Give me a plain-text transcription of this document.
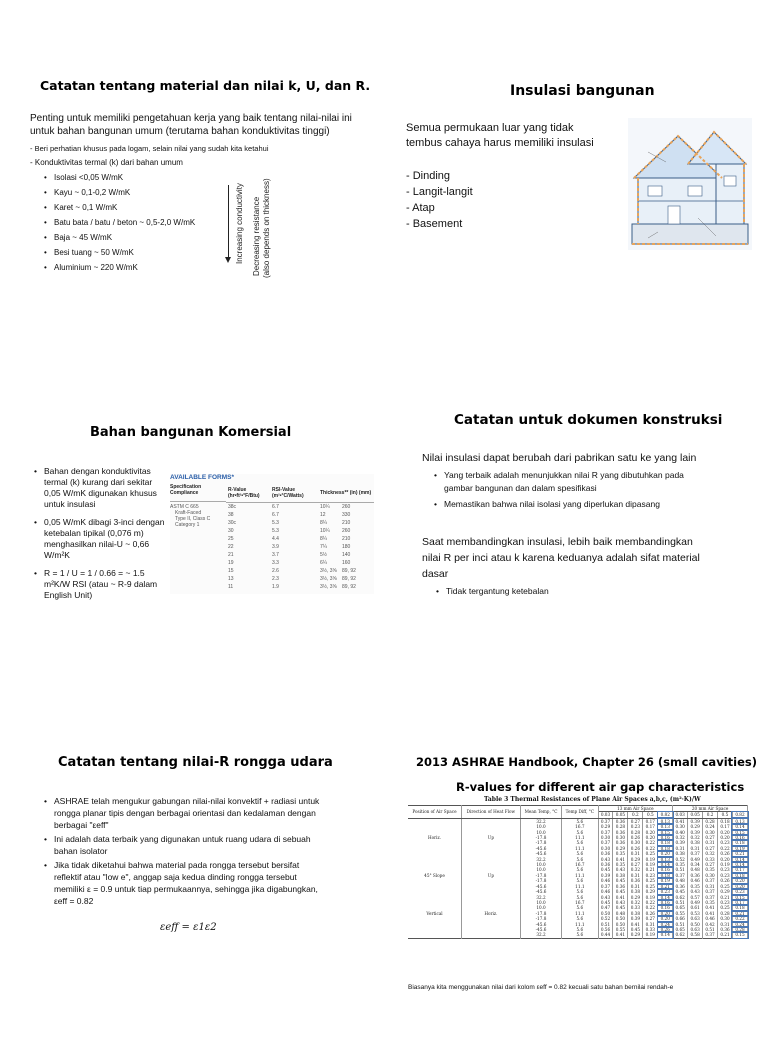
Catatan tentang material dan nilai k, U, dan R.
Penting untuk memiliki pengetahuan kerja yang baik tentang nilai-nilai ini untuk bahan bangunan umum (terutama bahan konduktivitas tinggi)
- Beri perhatian khusus pada logam, selain nilai yang sudah kita ketahui
- Konduktivitas termal (k) dari bahan umum
• Isolasi <0,05 W/mK
• Kayu ~ 0,1-0,2 W/mK
• Karet ~ 0,1 W/mK
• Batu bata / batu / beton ~ 0,5-2,0 W/mK
• Baja ~ 45 W/mK
• Besi tuang ~ 50 W/mK
• Aluminium ~ 220 W/mK
Increasing conductivity Decreasing resistance (also depends on thickness)
Insulasi bangunan
Semua permukaan luar yang tidak
tembus cahaya harus memiliki insulasi
- Dinding
- Langit-langit
- Atap
- Basement
Bahan bangunan Komersial
• Bahan dengan konduktivitas
termal (k) kurang dari sekitar
0,05 W/mK digunakan khusus
untuk insulasi
• 0,05 W/mK dibagi 3-inci dengan
ketebalan tipikal (0,076 m)
menghasilkan nilai-U ~ 0,66
W/m²K
• R = 1 / U = 1 / 0.66 = ~ 1.5
m²K/W RSI (atau ~ R-9 dalam
English Unit)
AVAILABLE FORMS*
Specification Compliance
ASTM C 665
Kraft-Faced
Type II, Class C
Category 1
R-Value (hr•ft²•°F/Btu)	RSI-Value (m²•°C/Watts)	Thickness** (in) (mm)
38c	6.7	10¼ 260
38	6.7	12 330
30c	5.3	8¼ 210
30	5.3	10¼ 260
25	4.4	8¼ 210
22	3.9	7¼ 180
21	3.7	5½ 140
19	3.3	6¼ 160
15	2.6	3½, 3⅝ 89, 92
13	2.3	3½, 3⅝ 89, 92
11	1.9	3½, 3⅝ 89, 92
Catatan untuk dokumen konstruksi
Nilai insulasi dapat berubah dari pabrikan satu ke yang lain
• Yang terbaik adalah menunjukkan nilai R yang dibutuhkan pada
gambar bangunan dan dalam spesifikasi
• Memastikan bahwa nilai isolasi yang diperlukan dipasang
Saat membandingkan insulasi, lebih baik membandingkan
nilai R per inci atau k karena keduanya adalah sifat material
dasar
• Tidak tergantung ketebalan
Catatan tentang nilai-R rongga udara
• ASHRAE telah mengukur gabungan nilai-nilai konvektif + radiasi untuk
rongga planar tipis dengan berbagai orientasi dan kedalaman dengan
berbagai "εeff"
• Ini adalah data terbaik yang digunakan untuk ruang udara di sebuah
bahan isolator
• Jika tidak diketahui bahwa material pada rongga tersebut bersifat
reflektif atau "low e", anggap saja kedua dinding rongga tersebut
memiliki ε = 0.9 untuk tiap permukaannya, sehingga jika digabungkan,
εeff = 0.82
εeff = ε1ε2
2013 ASHRAE Handbook, Chapter 26 (small cavities)
R-values for different air gap characteristics
Table 3 Thermal Resistances of Plane Air Spaces a,b,c, (m²·K)/W
Position of Air Space	Direction of Heat Flow	Mean Temp, °C	Temp Diff, °C	13 mm Air Space					20 mm Air Space				
				0.03	0.05	0.2	0.5	0.82	0.03	0.05	0.2	0.5	0.82
		32.2	5.6	0.37	0.36	0.27	0.17	0.13	0.41	0.39	0.28	0.18	0.13
		10.0	16.7	0.29	0.28	0.23	0.17	0.13	0.30	0.29	0.24	0.17	0.14
		10.0	5.6	0.37	0.36	0.28	0.20	0.15	0.40	0.39	0.30	0.20	0.15
Horiz.	Up	-17.8	11.1	0.30	0.30	0.26	0.20	0.16	0.32	0.32	0.27	0.20	0.16
		-17.8	5.6	0.37	0.36	0.30	0.22	0.18	0.39	0.38	0.31	0.23	0.18
		-45.6	11.1	0.30	0.29	0.26	0.22	0.18	0.31	0.31	0.27	0.22	0.19
		-45.6	5.6	0.36	0.35	0.31	0.25	0.20	0.38	0.37	0.32	0.26	0.21
		32.2	5.6	0.43	0.41	0.29	0.19	0.13	0.52	0.49	0.33	0.20	0.14
		10.0	16.7	0.36	0.35	0.27	0.19	0.14	0.35	0.34	0.27	0.19	0.14
		10.0	5.6	0.45	0.43	0.32	0.21	0.16	0.51	0.48	0.35	0.23	0.17
45° Slope	Up	-17.8	11.1	0.39	0.38	0.31	0.23	0.18	0.37	0.36	0.30	0.23	0.18
		-17.8	5.6	0.46	0.45	0.36	0.25	0.19	0.48	0.46	0.37	0.26	0.20
		-45.6	11.1	0.37	0.36	0.31	0.25	0.21	0.36	0.35	0.31	0.25	0.20
		-45.6	5.6	0.46	0.45	0.38	0.29	0.23	0.45	0.43	0.37	0.29	0.23
		32.2	5.6	0.43	0.41	0.29	0.19	0.14	0.62	0.57	0.37	0.21	0.15
		10.0	16.7	0.45	0.43	0.32	0.22	0.16	0.51	0.49	0.35	0.23	0.17
		10.0	5.6	0.47	0.45	0.33	0.22	0.16	0.65	0.61	0.41	0.25	0.18
Vertical	Horiz.	-17.8	11.1	0.50	0.48	0.38	0.26	0.20	0.55	0.53	0.41	0.28	0.21
		-17.8	5.6	0.52	0.50	0.39	0.27	0.20	0.66	0.63	0.46	0.30	0.22
		-45.6	11.1	0.51	0.50	0.41	0.31	0.24	0.51	0.50	0.42	0.31	0.24
		-45.6	5.6	0.56	0.55	0.45	0.33	0.26	0.65	0.63	0.51	0.36	0.28
		32.2	5.6	0.44	0.41	0.29	0.19	0.14	0.62	0.58	0.37	0.21	0.15
Biasanya kita menggunakan nilai dari kolom εeff = 0.82 kecuali satu bahan bernilai rendah-e
